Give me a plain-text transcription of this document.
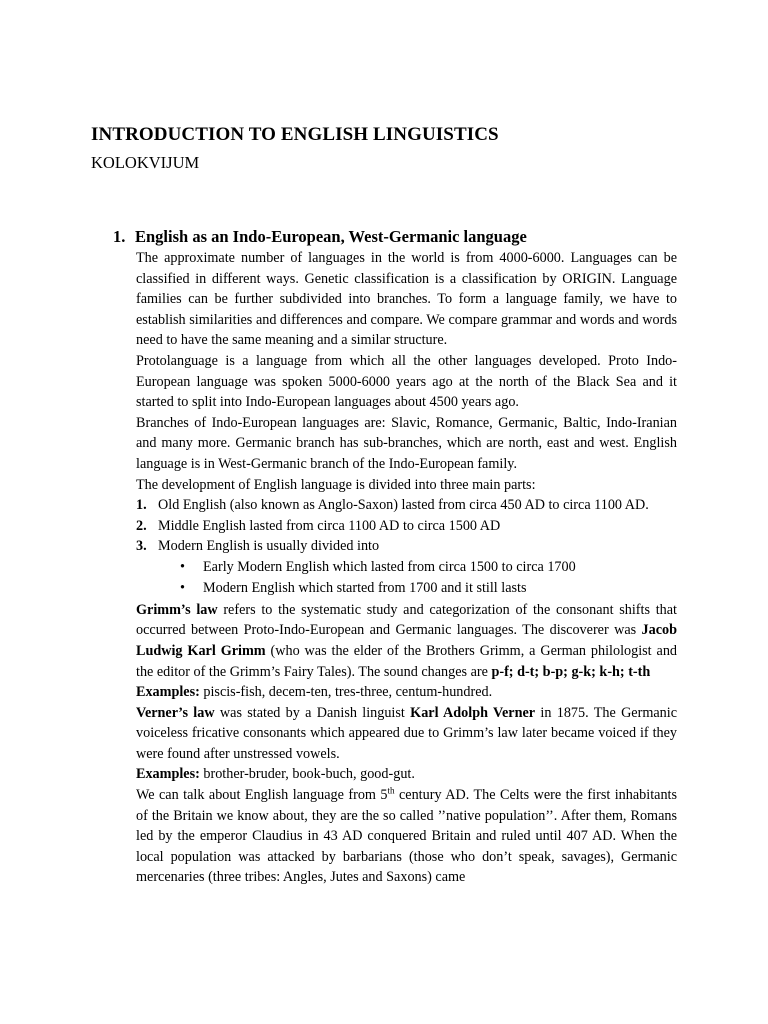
INTRODUCTION TO ENGLISH LINGUISTICS
KOLOKVIJUM
1. English as an Indo-European, West-Germanic language

The approximate number of languages in the world is from 4000-6000. Languages can be classified in different ways. Genetic classification is a classification by ORIGIN. Language families can be further subdivided into branches. To form a language family, we have to establish similarities and differences and compare. We compare grammar and words and words need to have the same meaning and a similar structure.

Protolanguage is a language from which all the other languages developed. Proto Indo-European language was spoken 5000-6000 years ago at the north of the Black Sea and it started to split into Indo-European languages about 4500 years ago.

Branches of Indo-European languages are: Slavic, Romance, Germanic, Baltic, Indo-Iranian and many more. Germanic branch has sub-branches, which are north, east and west. English language is in West-Germanic branch of the Indo-European family.

The development of English language is divided into three main parts:

1. Old English (also known as Anglo-Saxon) lasted from circa 450 AD to circa 1100 AD.
2. Middle English lasted from circa 1100 AD to circa 1500 AD
3. Modern English is usually divided into
• Early Modern English which lasted from circa 1500 to circa 1700
• Modern English which started from 1700 and it still lasts

Grimm’s law refers to the systematic study and categorization of the consonant shifts that occurred between Proto-Indo-European and Germanic languages. The discoverer was Jacob Ludwig Karl Grimm (who was the elder of the Brothers Grimm, a German philologist and the editor of the Grimm’s Fairy Tales). The sound changes are p-f; d-t; b-p; g-k; k-h; t-th

Examples: piscis-fish, decem-ten, tres-three, centum-hundred.

Verner’s law was stated by a Danish linguist Karl Adolph Verner in 1875. The Germanic voiceless fricative consonants which appeared due to Grimm’s law later became voiced if they were found after unstressed vowels.

Examples: brother-bruder, book-buch, good-gut.

We can talk about English language from 5th century AD. The Celts were the first inhabitants of the Britain we know about, they are the so called ’’native population’’. After them, Romans led by the emperor Claudius in 43 AD conquered Britain and ruled until 407 AD. When the local population was attacked by barbarians (those who don’t speak, savages), Germanic mercenaries (three tribes: Angles, Jutes and Saxons) came
